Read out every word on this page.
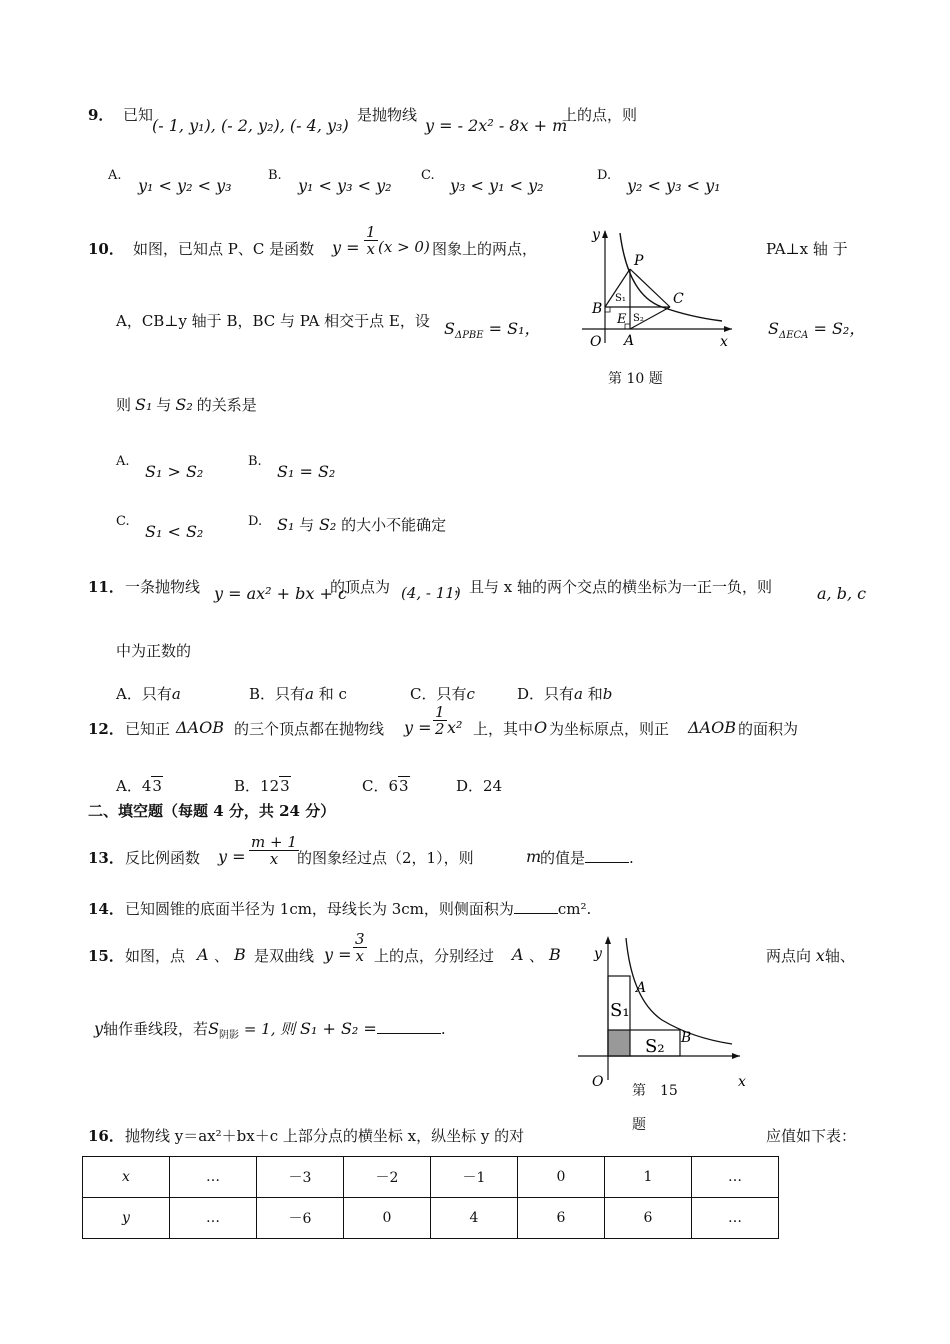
9． 已知
(- 1, y₁), (- 2, y₂), (- 4, y₃)
是抛物线
y = - 2x² - 8x + m
上的点，则
A.
y₁ < y₂ < y₃
B.
y₁ < y₃ < y₂
C.
y₃ < y₁ < y₂
D.
y₂ < y₃ < y₁
10． 如图，已知点 P、C 是函数 $y = \frac{1}{x} (x > 0)$ 图象上的两点，	PA⊥x 轴 于
A，CB⊥y 轴于 B，BC 与 PA 相交于点 E，设 $S_{\Delta PBE} = S_1$，	$S_{\Delta ECA} = S_2$，
y
x
O
P
B
C
E
A
S₁
S₂
第 10 题
则 S₁ 与 S₂ 的关系是
A.
S₁ > S₂
B.
S₁ = S₂
C.
S₁ < S₂
D. S₁ 与 S₂ 的大小不能确定
11． 一条抛物线 y = ax² + bx + c
的顶点为 (4, - 11)
，且与 x 轴的两个交点的横坐标为一正一负，则	a, b, c
中为正数的
A．只有a	B．只有a 和 c	C．只有c	D．只有a 和b
12． 已知正 ΔAOB 的三个顶点都在抛物线 $y = \frac{1}{2} x^2$ 上，其中 O 为坐标原点，则正 ΔAOB 的面积为
A．43	B．123	C．63	D．24
二、填空题（每题 4 分，共 24 分）
13． 反比例函数 $y = \frac{m + 1}{x}$
的图象经过点（2，1），则	m
的值是	.
14． 已知圆锥的底面半径为 1cm，母线长为 3cm，则侧面积为	cm².
15． 如图，点 A 、 B 是双曲线 $y = \frac{3}{x}$ 上的点，分别经过 A 、 B	两点向 x轴、
y轴作垂线段，若$S_{阴影} = 1$, 则 S₁ + S₂ =	.
y
x
O
A
B
S₁
S₂
第　15
题
16． 抛物线 y＝ax²＋bx＋c 上部分点的横坐标 x，纵坐标 y 的对	应值如下表：
x	…	－3	－2	－1	0	1	…
y	…	－6	0	4	6	6	…
